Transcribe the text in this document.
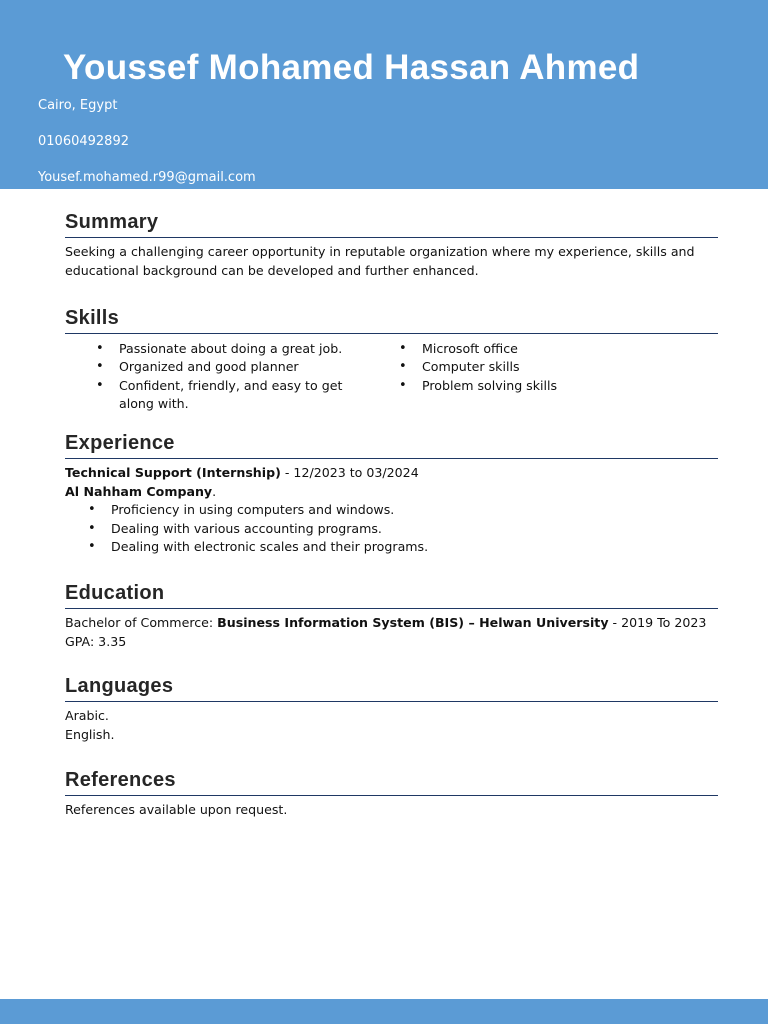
Youssef Mohamed Hassan Ahmed
Cairo, Egypt
01060492892
Yousef.mohamed.r99@gmail.com
Summary

Seeking a challenging career opportunity in reputable organization where my experience, skills and educational background can be developed and further enhanced.

Skills
• Passionate about doing a great job.
• Organized and good planner
• Confident, friendly, and easy to get along with.
• Microsoft office
• Computer skills
• Problem solving skills
Experience
Technical Support (Internship) - 12/2023 to 03/2024
Al Nahham Company.
• Proficiency in using computers and windows.
• Dealing with various accounting programs.
• Dealing with electronic scales and their programs.
Education
Bachelor of Commerce: Business Information System (BIS) – Helwan University - 2019 To 2023
GPA: 3.35
Languages
Arabic.
English.
References
References available upon request.
